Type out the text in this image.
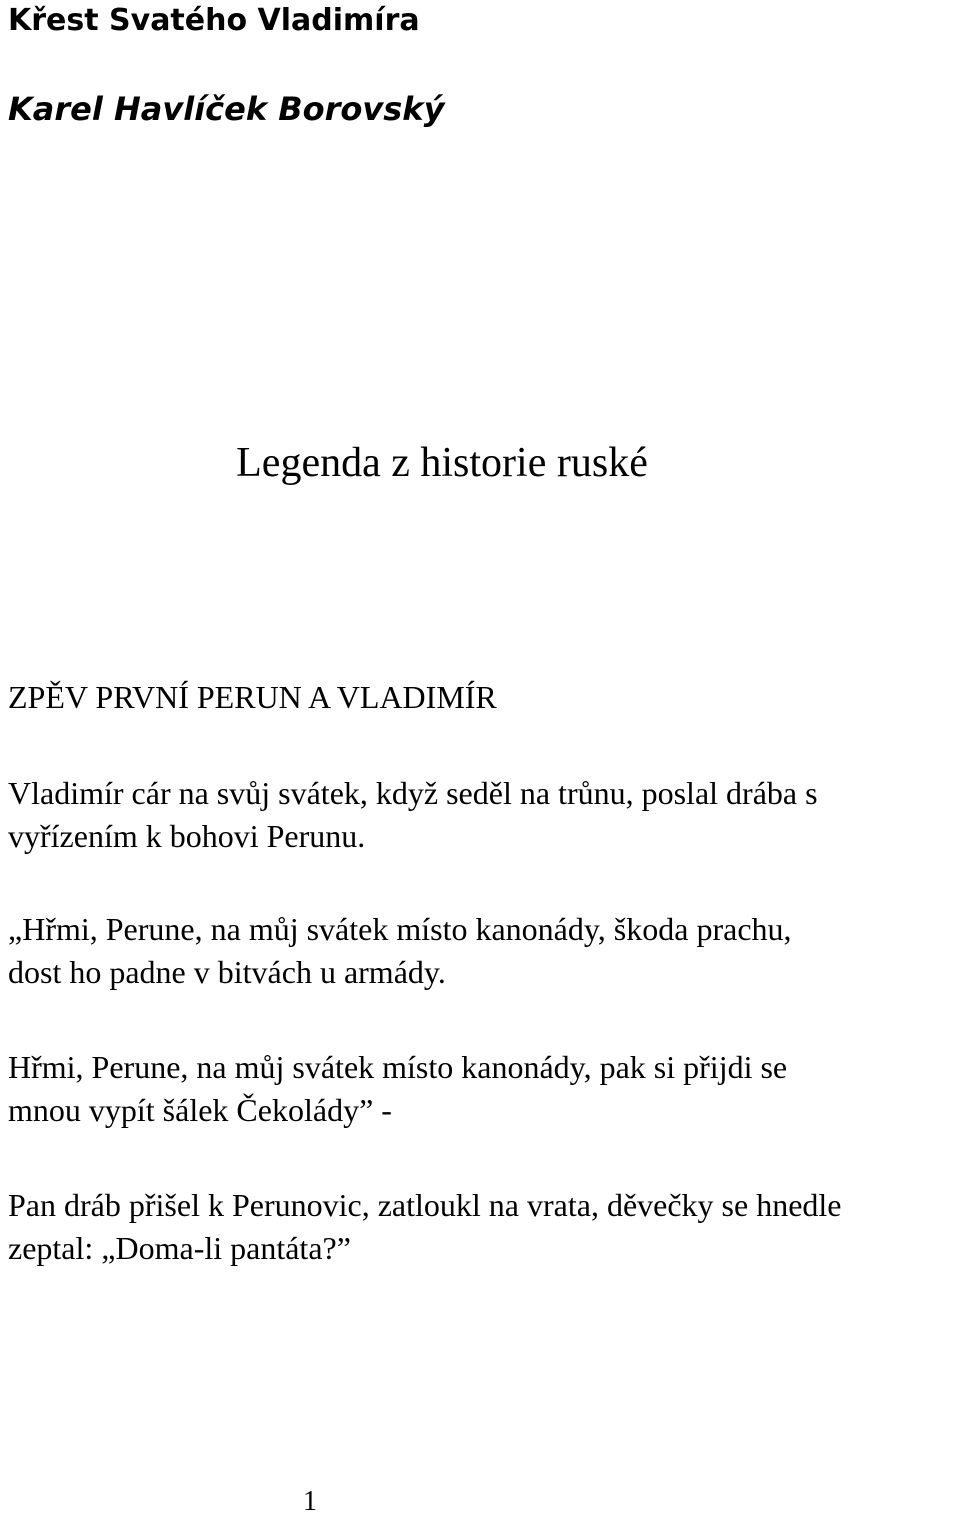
Křest Svatého Vladimíra
Karel Havlíček Borovský

Legenda z historie ruské

ZPĚV PRVNÍ PERUN A VLADIMÍR

Vladimír cár na svůj svátek, když seděl na trůnu, poslal drába s
vyřízením k bohovi Perunu.

„Hřmi, Perune, na můj svátek místo kanonády, škoda prachu,
dost ho padne v bitvách u armády.

Hřmi, Perune, na můj svátek místo kanonády, pak si přijdi se
mnou vypít šálek Čekolády” -

Pan dráb přišel k Perunovic, zatloukl na vrata, děvečky se hnedle
zeptal: „Doma-li pantáta?”

1
